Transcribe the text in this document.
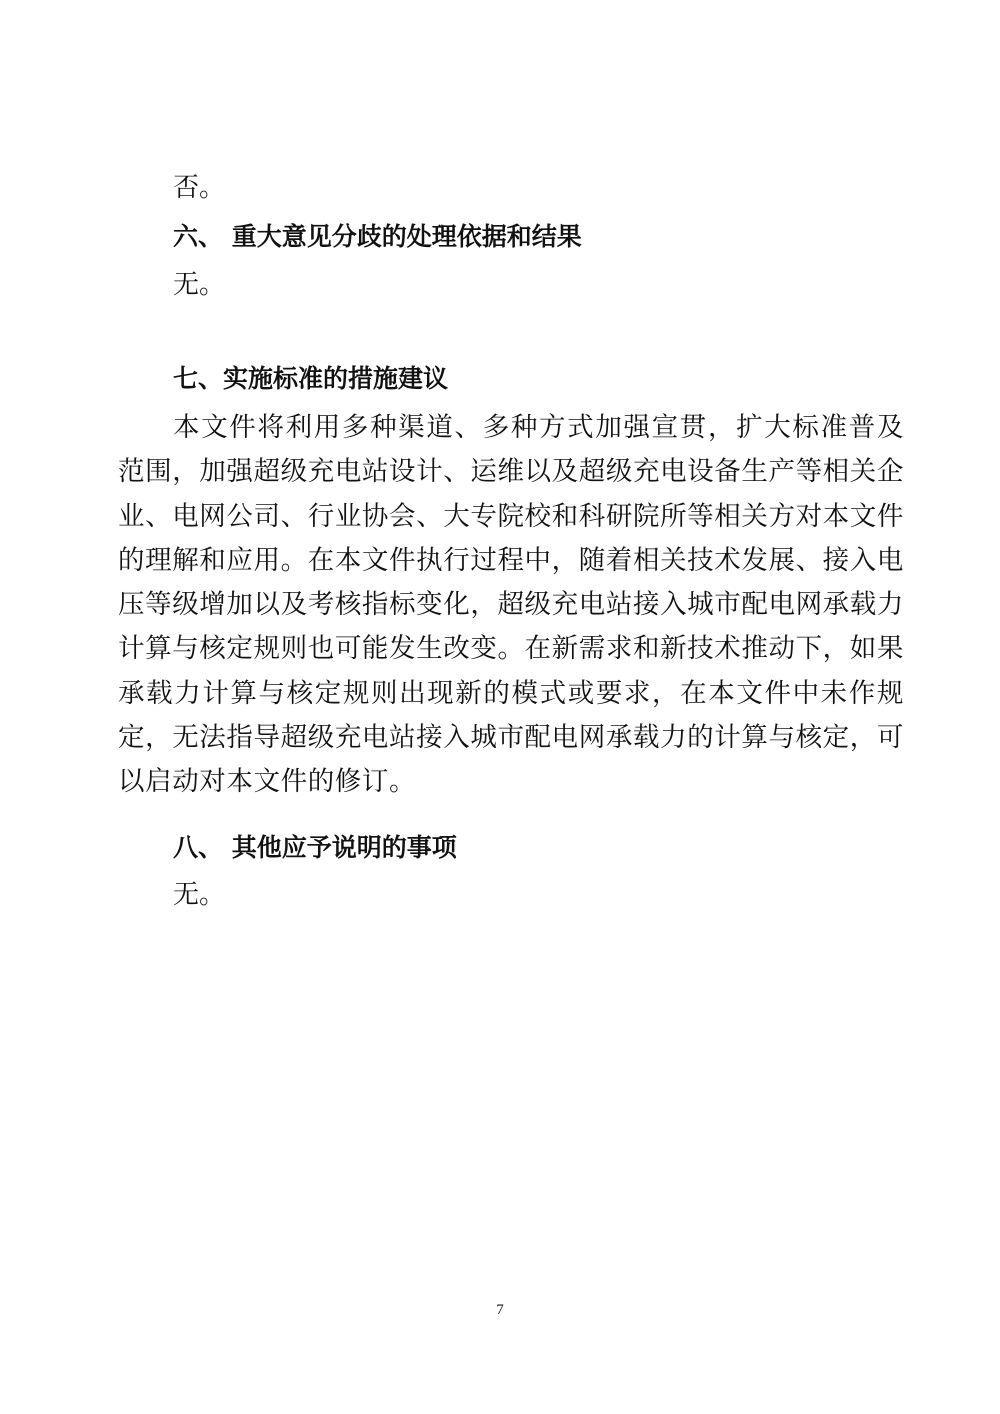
否。
六、 重大意见分歧的处理依据和结果
无。
七、实施标准的措施建议
本文件将利用多种渠道、多种方式加强宣贯，扩大标准普及范围，加强超级充电站设计、运维以及超级充电设备生产等相关企业、电网公司、行业协会、大专院校和科研院所等相关方对本文件的理解和应用。在本文件执行过程中，随着相关技术发展、接入电压等级增加以及考核指标变化，超级充电站接入城市配电网承载力计算与核定规则也可能发生改变。在新需求和新技术推动下，如果承载力计算与核定规则出现新的模式或要求，在本文件中未作规定，无法指导超级充电站接入城市配电网承载力的计算与核定，可以启动对本文件的修订。
八、 其他应予说明的事项
无。
7
